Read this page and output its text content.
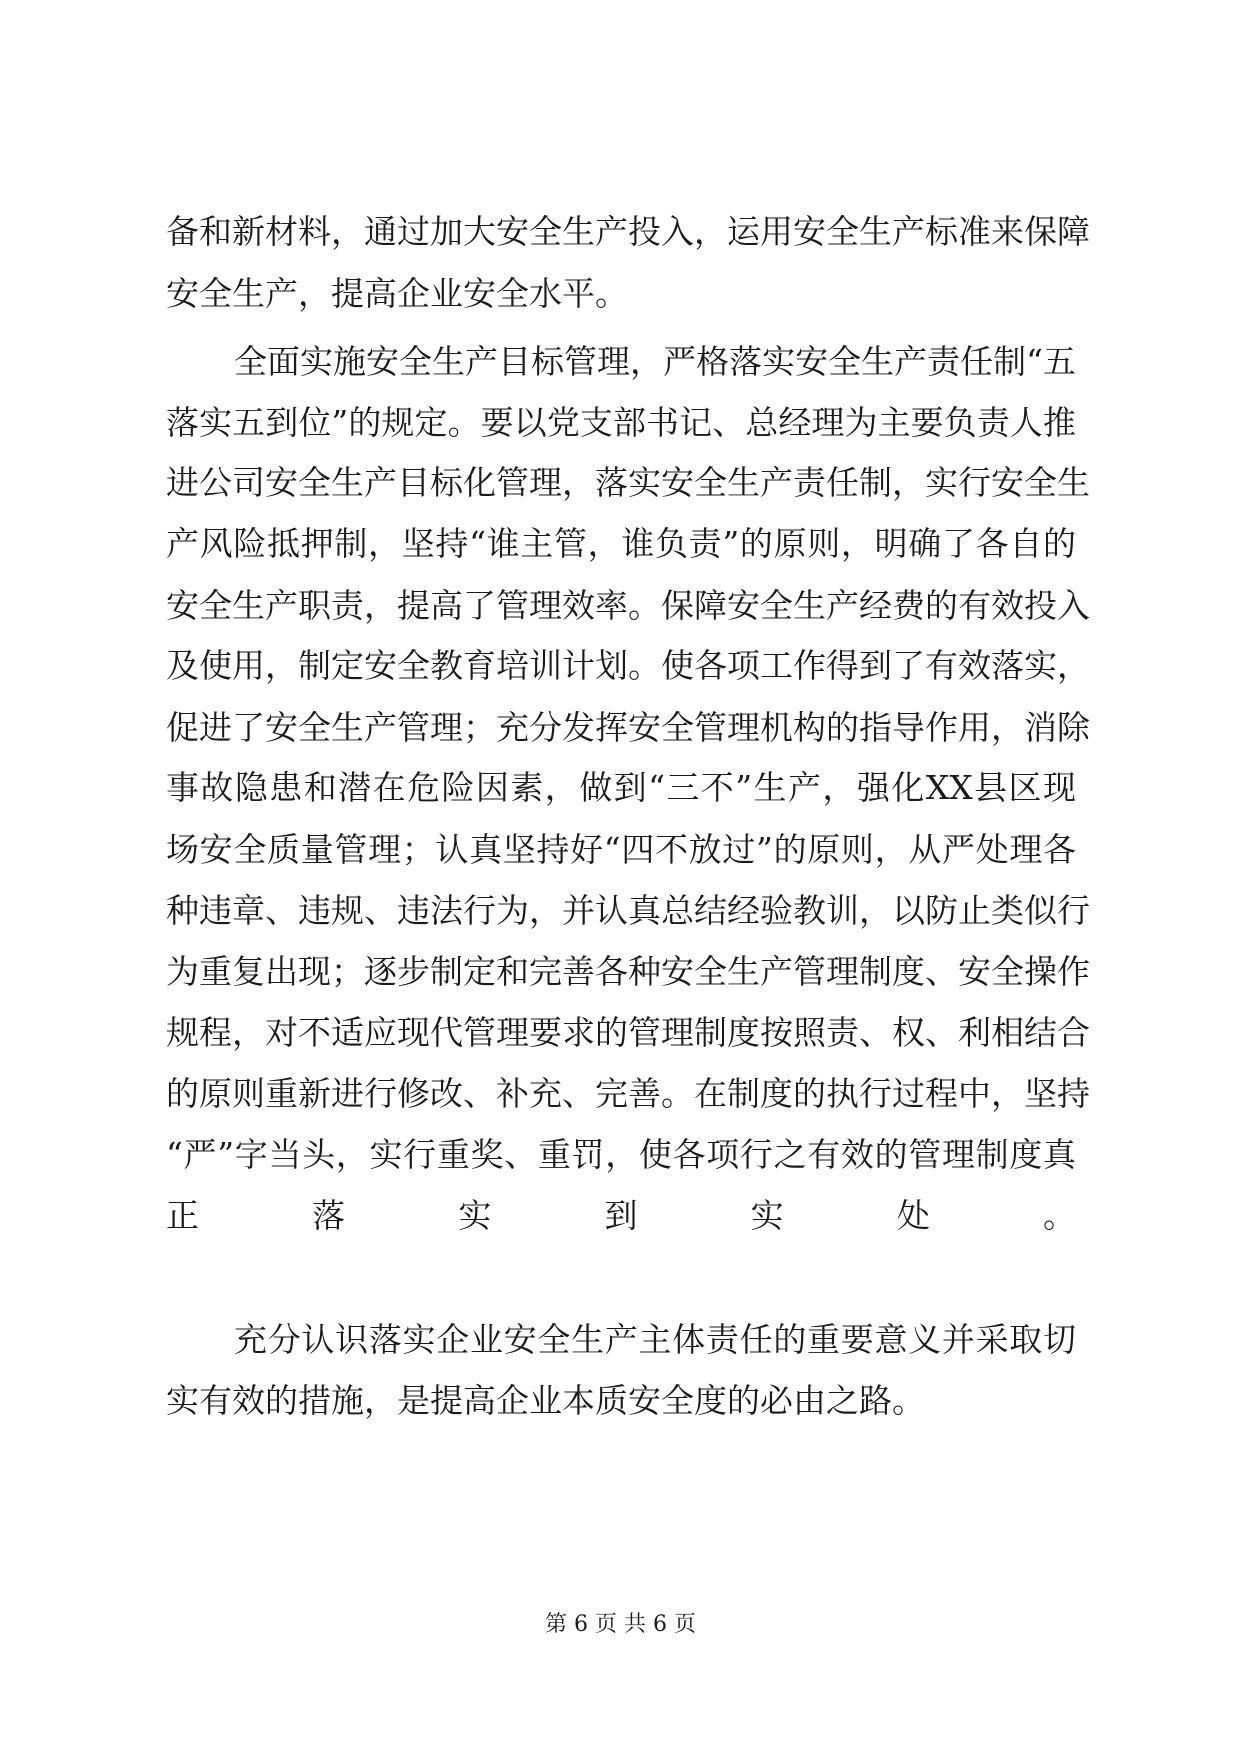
备和新材料，通过加大安全生产投入，运用安全生产标准来保障
安全生产，提高企业安全水平。
全面实施安全生产目标管理，严格落实安全生产责任制“五
落实五到位”的规定。要以党支部书记、总经理为主要负责人推
进公司安全生产目标化管理，落实安全生产责任制，实行安全生
产风险抵押制，坚持“谁主管，谁负责”的原则，明确了各自的
安全生产职责，提高了管理效率。保障安全生产经费的有效投入
及使用，制定安全教育培训计划。使各项工作得到了有效落实，
促进了安全生产管理；充分发挥安全管理机构的指导作用，消除
事故隐患和潜在危险因素，做到“三不”生产，强化XX县区现
场安全质量管理；认真坚持好“四不放过”的原则，从严处理各
种违章、违规、违法行为，并认真总结经验教训，以防止类似行
为重复出现；逐步制定和完善各种安全生产管理制度、安全操作
规程，对不适应现代管理要求的管理制度按照责、权、利相结合
的原则重新进行修改、补充、完善。在制度的执行过程中，坚持
“严”字当头，实行重奖、重罚，使各项行之有效的管理制度真
正落实到实处。
充分认识落实企业安全生产主体责任的重要意义并采取切
实有效的措施，是提高企业本质安全度的必由之路。
第 6 页 共 6 页
